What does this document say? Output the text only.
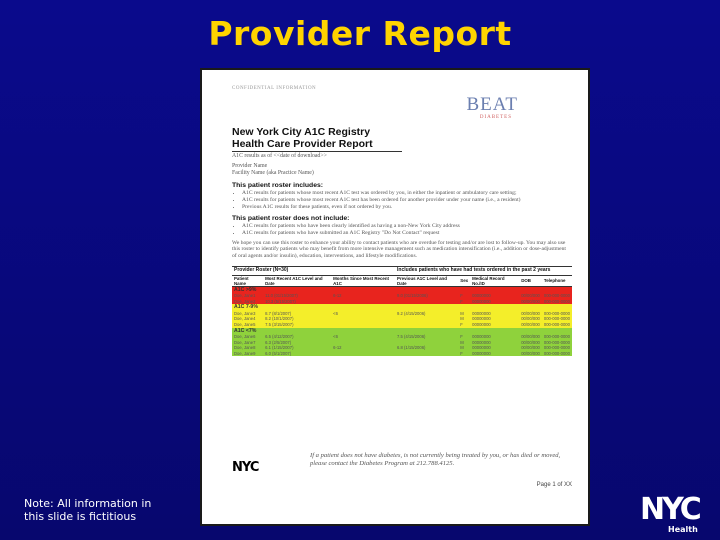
Provider Report
CONFIDENTIAL INFORMATION
BEAT
DIABETES
New York City A1C Registry
Health Care Provider Report
A1C results as of <<date of download>>
Provider Name
Facility Name (aka Practice Name)
This patient roster includes:
• A1C results for patients whose most recent A1C test was ordered by you, in either the inpatient or ambulatory care setting;
• A1C results for patients whose most recent A1C test has been ordered for another provider under your name (i.e., a resident)
• Previous A1C results for these patients, even if not ordered by you.
This patient roster does not include:
• A1C results for patients who have been clearly identified as having a non-New York City address
• A1C results for patients who have submitted an A1C Registry "Do Not Contact" request
We hope you can use this roster to enhance your ability to contact patients who are overdue for testing and/or are lost to follow-up. You may also use this roster to identify patients who may benefit from more intensive management such as medication intensification (i.e., addition or dose-adjustment of oral agents and/or insulin), education, interventions, and lifestyle modifications.
Provider Roster (N=30)			Includes patients who have had tests ordered in the past 2 years				
Patient Name	Most Recent A1C Level and Date	Months Since Most Recent A1C	Previous A1C Level and Date	Sex	Medical Record No./ID	DOB	Telephone
A1C >9%							
Doe, Jane1	11.0 (01/15/2007)	6-12	9.0 (01/15/2006)	F	00000000	00/00/000	000-000-0000
Doe, Jane2	10.3 (5/15/2007)			F	00000000	00/00/000	000-000-0000
A1C 7-9%							
Doe, Jane3	8.7 (8/1/2007)	<6	9.2 (4/15/2006)	M	00000000	00/00/000	000-000-0000
Doe, Jane4	8.2 (10/1/2007)			M	00000000	00/00/000	000-000-0000
Doe, Jane5	7.5 (3/15/2007)			F	00000000	00/00/000	000-000-0000
A1C <7%							
Doe, Jane6	6.5 (4/12/2007)	<6	7.5 (4/15/2006)	F	00000000	00/00/000	000-000-0000
Doe, Jane7	6.3 (2/5/2007)			M	00000000	00/00/000	000-000-0000
Doe, Jane8	6.1 (1/15/2007)	6-12	6.8 (1/15/2006)	M	00000000	00/00/000	000-000-0000
Doe, Jane9	6.0 (5/1/2007)			F	00000000	00/00/000	000-000-0000
NYC
If a patient does not have diabetes, is not currently being treated by you, or has died or moved, please contact the Diabetes Program at 212.788.4125.
Page 1 of XX
Note: All information in
this slide is fictitious	NYC
Health
